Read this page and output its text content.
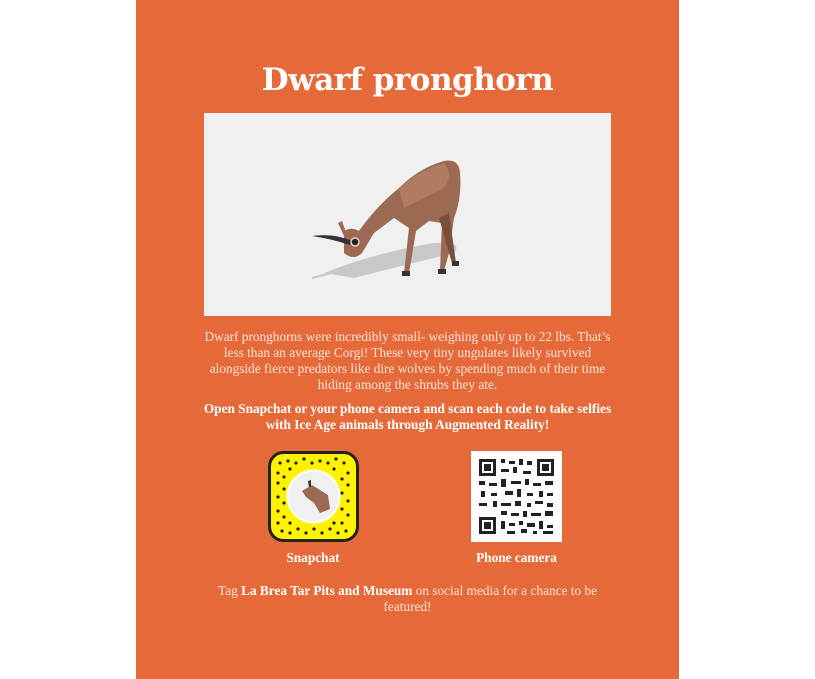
Dwarf pronghorn
Dwarf pronghorns were incredibly small- weighing only up to 22 lbs. That’s less than an average Corgi! These very tiny ungulates likely survived alongside fierce predators like dire wolves by spending much of their time hiding among the shrubs they ate.
Open Snapchat or your phone camera and scan each code to take selfies with Ice Age animals through Augmented Reality!
Snapchat	Phone camera
Tag La Brea Tar Pits and Museum on social media for a chance to be featured!
